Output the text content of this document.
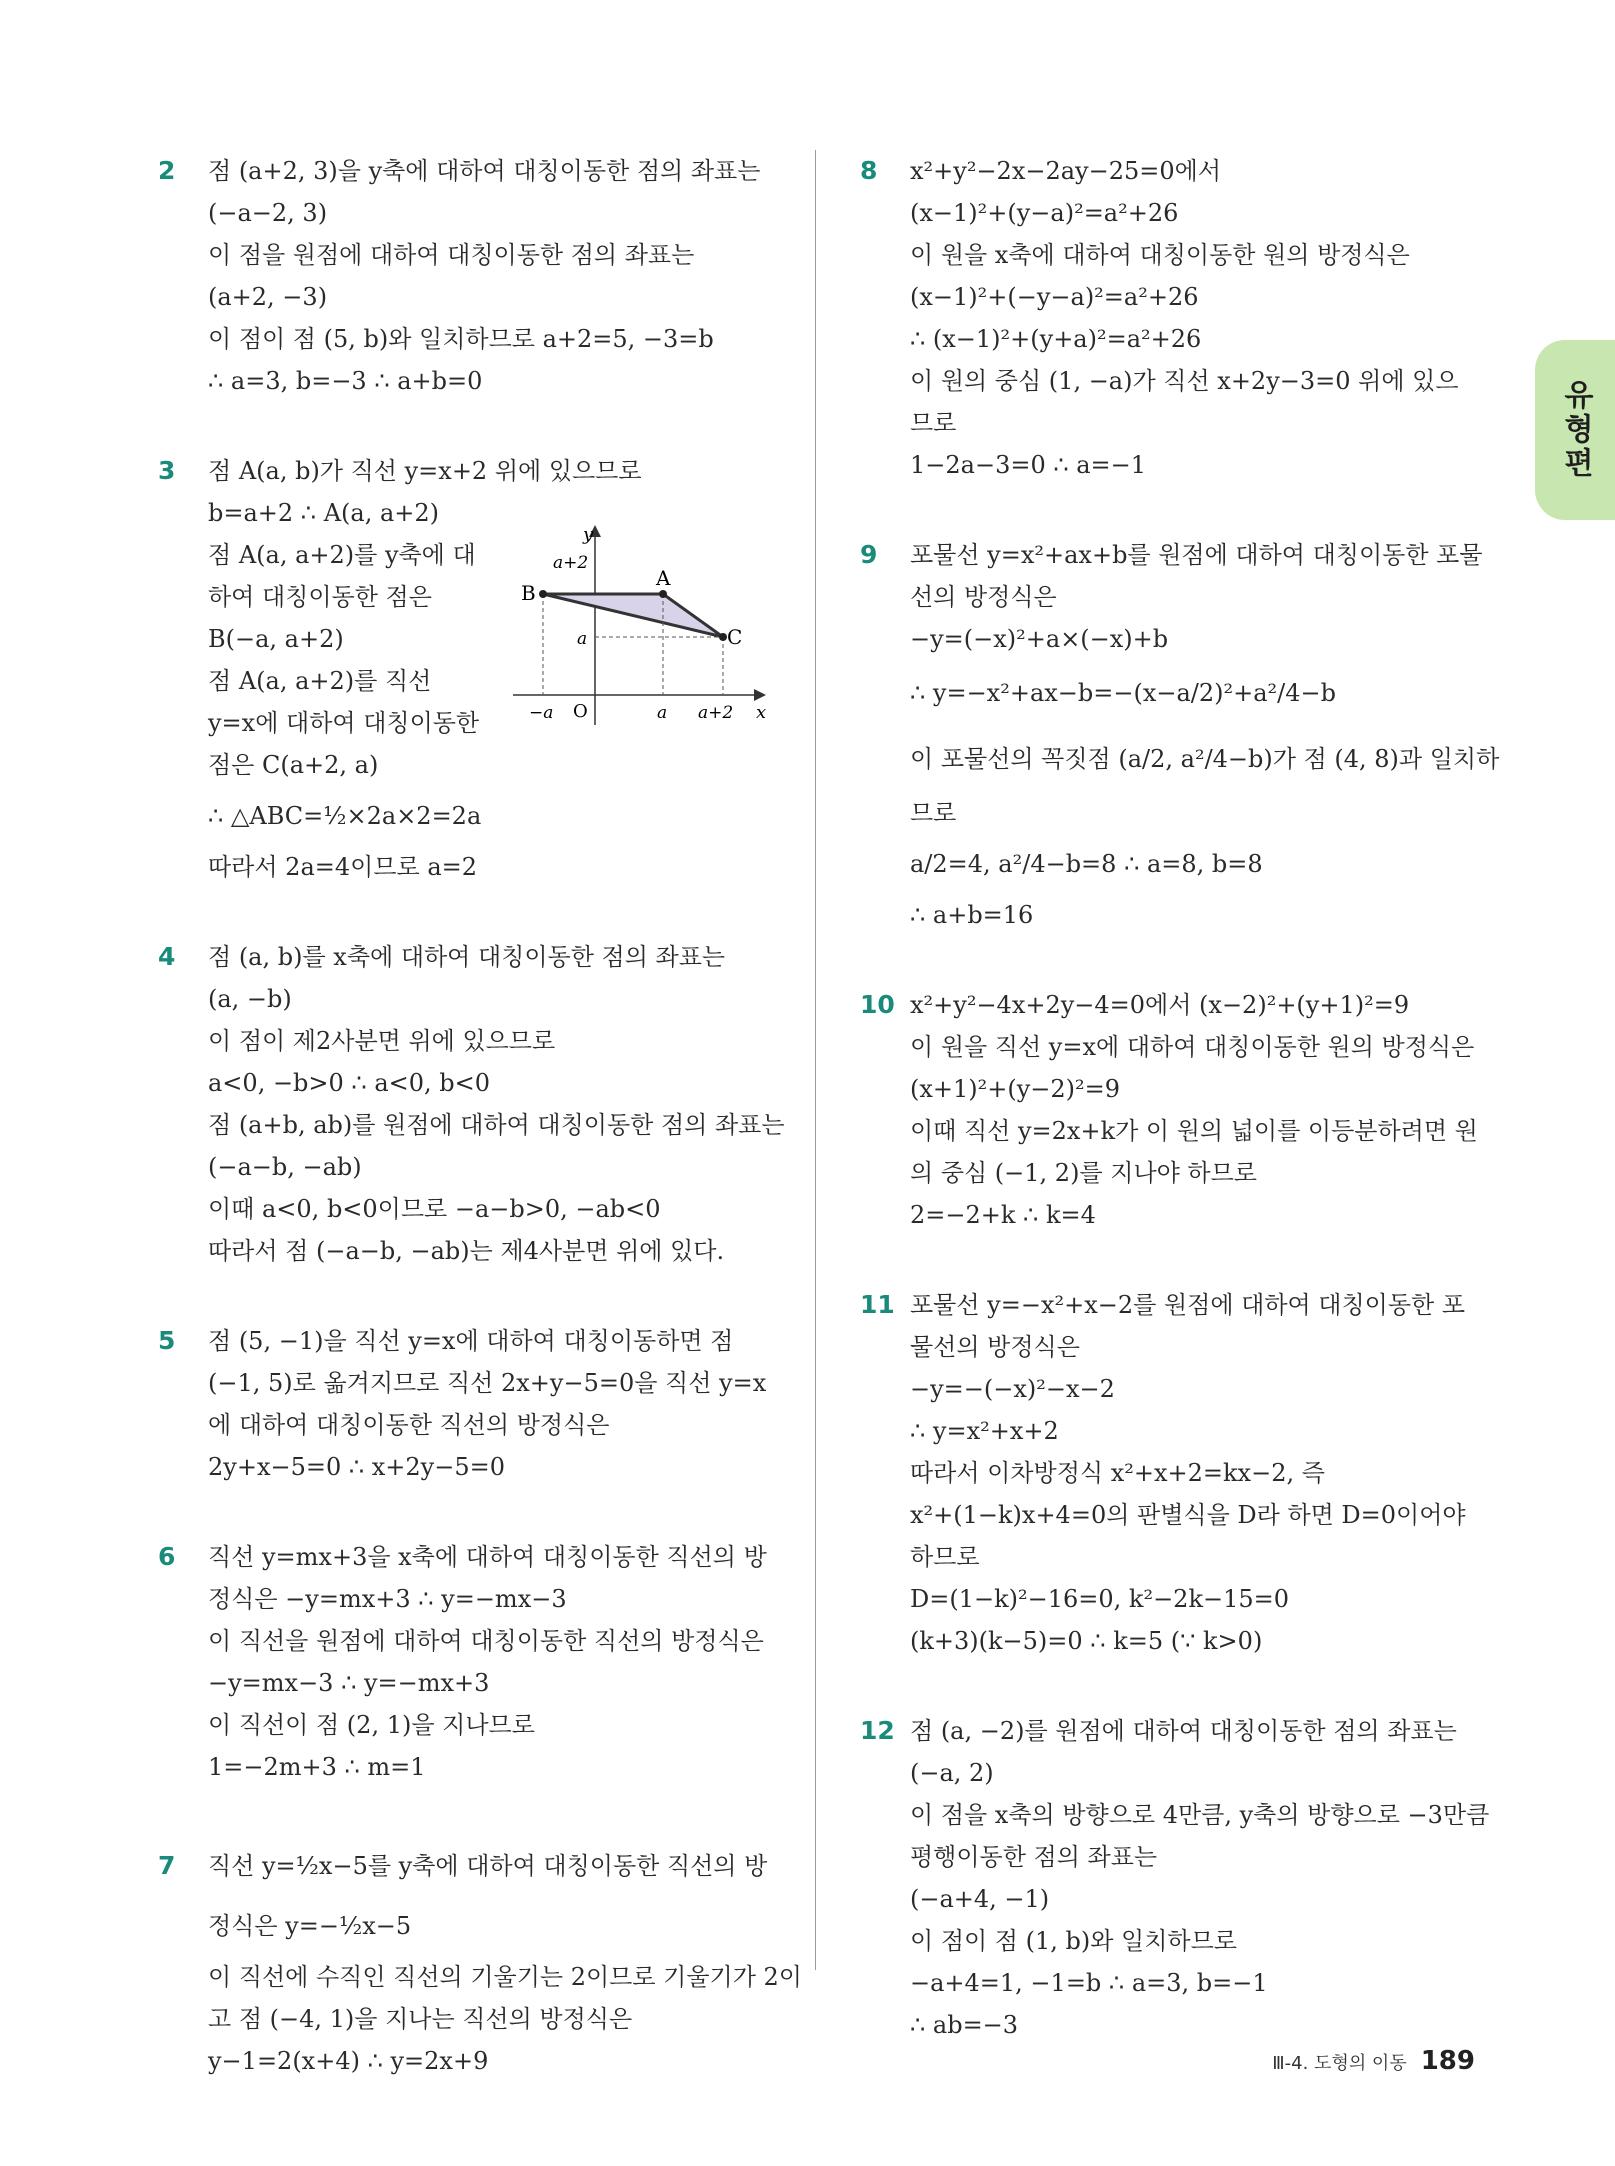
유형편
2 점 (a+2, 3)을 y축에 대하여 대칭이동한 점의 좌표는
(−a−2, 3)
이 점을 원점에 대하여 대칭이동한 점의 좌표는
(a+2, −3)
이 점이 점 (5, b)와 일치하므로 a+2=5, −3=b
∴ a=3, b=−3 ∴ a+b=0
3 점 A(a, b)가 직선 y=x+2 위에 있으므로
b=a+2 ∴ A(a, a+2)
점 A(a, a+2)를 y축에 대
하여 대칭이동한 점은
B(−a, a+2)
점 A(a, a+2)를 직선
y=x에 대하여 대칭이동한
점은 C(a+2, a)
∴ △ABC=½×2a×2=2a
따라서 2a=4이므로 a=2
y
x
O
A
B
C
a+2
a
−a	a a+2
4 점 (a, b)를 x축에 대하여 대칭이동한 점의 좌표는
(a, −b)
이 점이 제2사분면 위에 있으므로
a<0, −b>0 ∴ a<0, b<0
점 (a+b, ab)를 원점에 대하여 대칭이동한 점의 좌표는
(−a−b, −ab)
이때 a<0, b<0이므로 −a−b>0, −ab<0
따라서 점 (−a−b, −ab)는 제4사분면 위에 있다.
5 점 (5, −1)을 직선 y=x에 대하여 대칭이동하면 점
(−1, 5)로 옮겨지므로 직선 2x+y−5=0을 직선 y=x
에 대하여 대칭이동한 직선의 방정식은
2y+x−5=0 ∴ x+2y−5=0
6 직선 y=mx+3을 x축에 대하여 대칭이동한 직선의 방
정식은 −y=mx+3 ∴ y=−mx−3
이 직선을 원점에 대하여 대칭이동한 직선의 방정식은
−y=mx−3 ∴ y=−mx+3
이 직선이 점 (2, 1)을 지나므로
1=−2m+3 ∴ m=1
7 직선 y=½x−5를 y축에 대하여 대칭이동한 직선의 방
정식은 y=−½x−5
이 직선에 수직인 직선의 기울기는 2이므로 기울기가 2이
고 점 (−4, 1)을 지나는 직선의 방정식은
y−1=2(x+4) ∴ y=2x+9
8 x²+y²−2x−2ay−25=0에서
(x−1)²+(y−a)²=a²+26
이 원을 x축에 대하여 대칭이동한 원의 방정식은
(x−1)²+(−y−a)²=a²+26
∴ (x−1)²+(y+a)²=a²+26
이 원의 중심 (1, −a)가 직선 x+2y−3=0 위에 있으
므로
1−2a−3=0 ∴ a=−1
9 포물선 y=x²+ax+b를 원점에 대하여 대칭이동한 포물
선의 방정식은
−y=(−x)²+a×(−x)+b
∴ y=−x²+ax−b=−(x−a/2)²+a²/4−b
이 포물선의 꼭짓점 (a/2, a²/4−b)가 점 (4, 8)과 일치하
므로
a/2=4, a²/4−b=8 ∴ a=8, b=8
∴ a+b=16
10 x²+y²−4x+2y−4=0에서 (x−2)²+(y+1)²=9
이 원을 직선 y=x에 대하여 대칭이동한 원의 방정식은
(x+1)²+(y−2)²=9
이때 직선 y=2x+k가 이 원의 넓이를 이등분하려면 원
의 중심 (−1, 2)를 지나야 하므로
2=−2+k ∴ k=4
11 포물선 y=−x²+x−2를 원점에 대하여 대칭이동한 포
물선의 방정식은
−y=−(−x)²−x−2
∴ y=x²+x+2
따라서 이차방정식 x²+x+2=kx−2, 즉
x²+(1−k)x+4=0의 판별식을 D라 하면 D=0이어야
하므로
D=(1−k)²−16=0, k²−2k−15=0
(k+3)(k−5)=0 ∴ k=5 (∵ k>0)
12 점 (a, −2)를 원점에 대하여 대칭이동한 점의 좌표는
(−a, 2)
이 점을 x축의 방향으로 4만큼, y축의 방향으로 −3만큼
평행이동한 점의 좌표는
(−a+4, −1)
이 점이 점 (1, b)와 일치하므로
−a+4=1, −1=b ∴ a=3, b=−1
∴ ab=−3
Ⅲ-4. 도형의 이동 189
